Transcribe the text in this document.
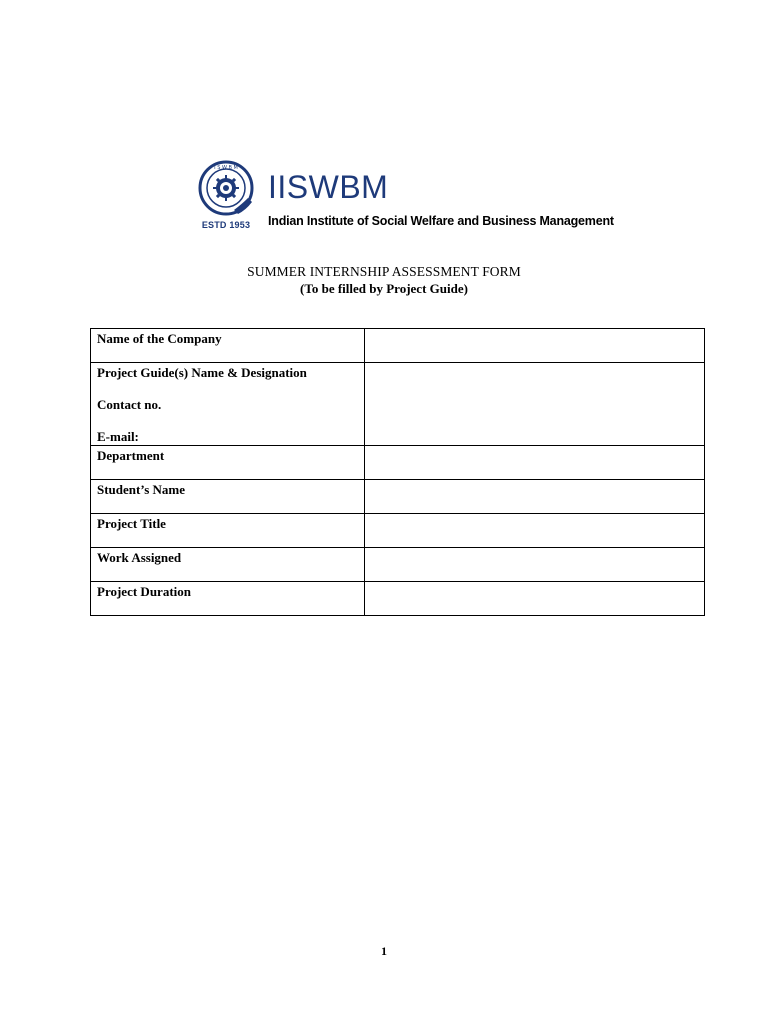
I S W B M
ESTD 1953
IISWBM
Indian Institute of Social Welfare and Business Management
SUMMER INTERNSHIP ASSESSMENT FORM
(To be filled by Project Guide)
Name of the Company	

Project Guide(s) Name & Designation
Contact no.
E-mail:	

Department	

Student’s Name	

Project Title	

Work Assigned	

Project Duration	

1
